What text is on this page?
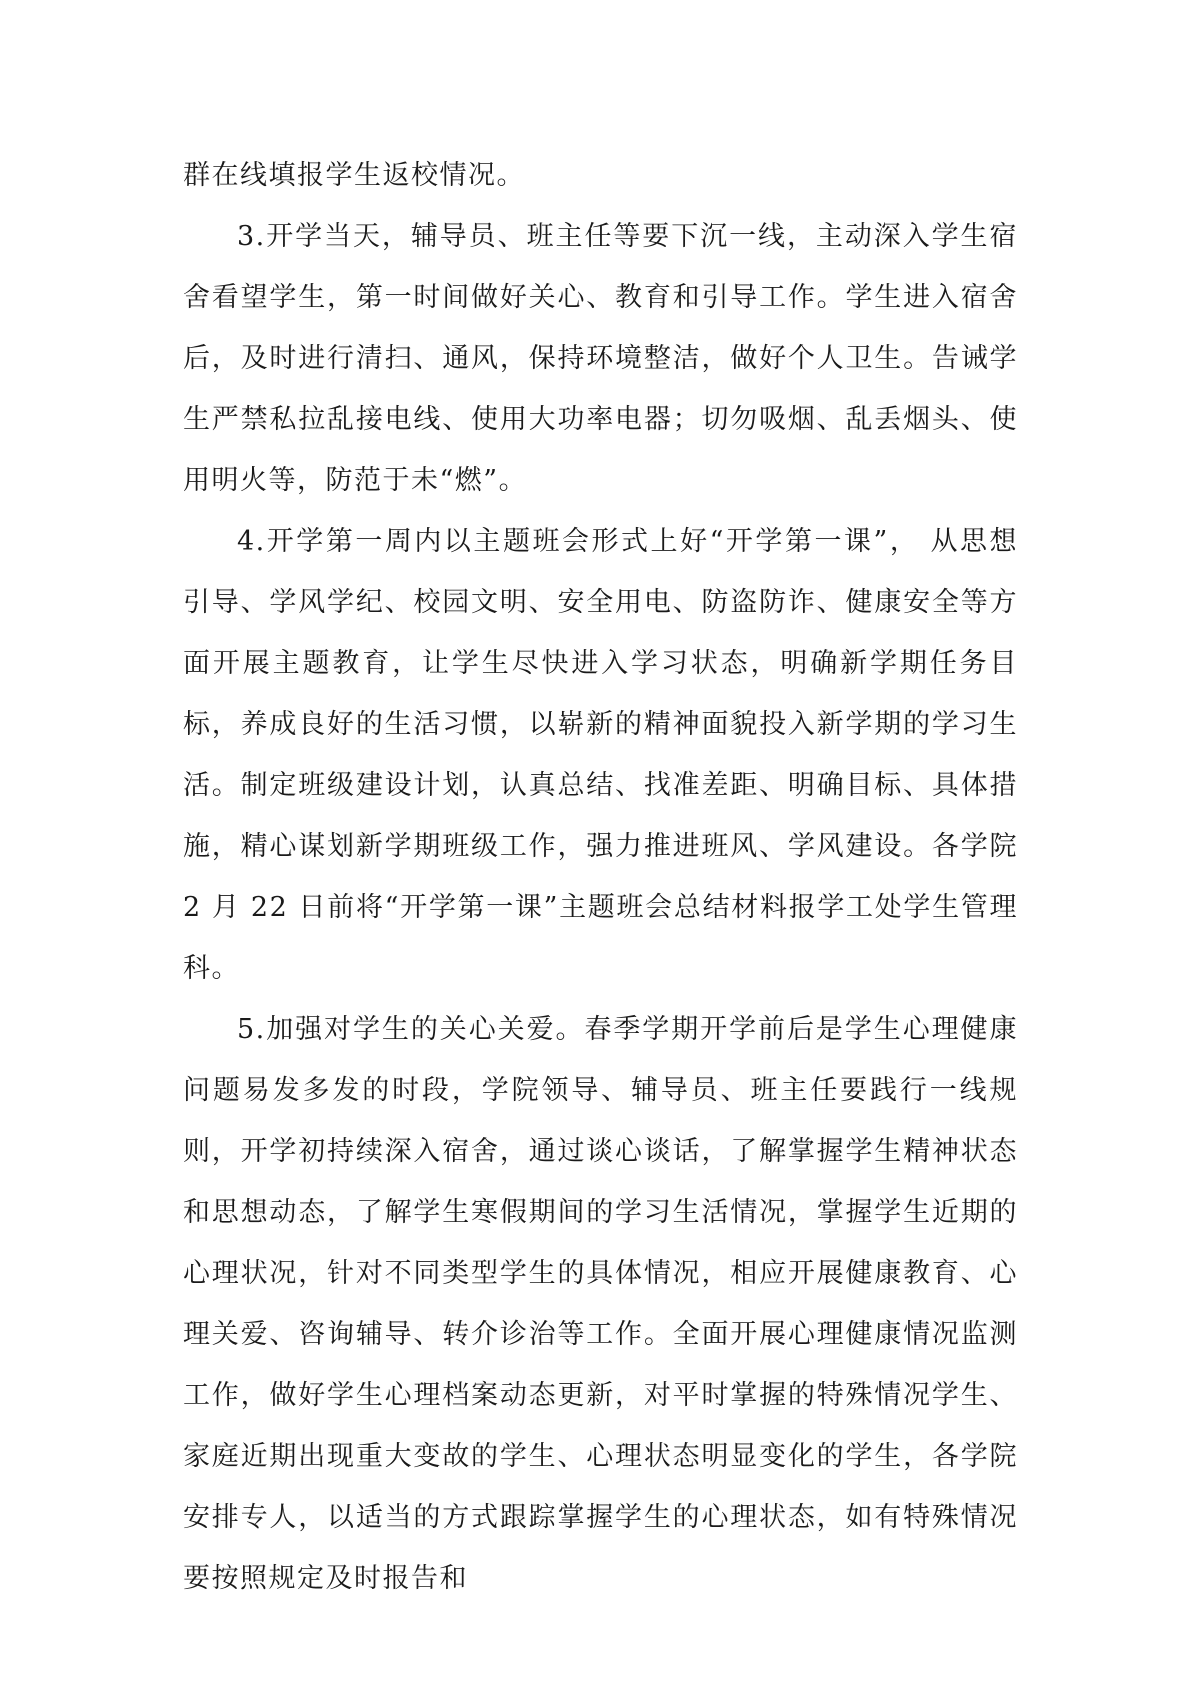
群在线填报学生返校情况。

3.开学当天，辅导员、班主任等要下沉一线，主动深入学生宿舍看望学生，第一时间做好关心、教育和引导工作。学生进入宿舍后，及时进行清扫、通风，保持环境整洁，做好个人卫生。告诫学生严禁私拉乱接电线、使用大功率电器；切勿吸烟、乱丢烟头、使用明火等，防范于未“燃”。

4.开学第一周内以主题班会形式上好“开学第一课”， 从思想引导、学风学纪、校园文明、安全用电、防盗防诈、健康安全等方面开展主题教育，让学生尽快进入学习状态，明确新学期任务目标，养成良好的生活习惯，以崭新的精神面貌投入新学期的学习生活。制定班级建设计划，认真总结、找准差距、明确目标、具体措施，精心谋划新学期班级工作，强力推进班风、学风建设。各学院 2 月 22 日前将“开学第一课”主题班会总结材料报学工处学生管理科。

5.加强对学生的关心关爱。春季学期开学前后是学生心理健康问题易发多发的时段，学院领导、辅导员、班主任要践行一线规则，开学初持续深入宿舍，通过谈心谈话，了解掌握学生精神状态和思想动态，了解学生寒假期间的学习生活情况，掌握学生近期的心理状况，针对不同类型学生的具体情况，相应开展健康教育、心理关爱、咨询辅导、转介诊治等工作。全面开展心理健康情况监测工作，做好学生心理档案动态更新，对平时掌握的特殊情况学生、家庭近期出现重大变故的学生、心理状态明显变化的学生，各学院安排专人，以适当的方式跟踪掌握学生的心理状态，如有特殊情况要按照规定及时报告和
